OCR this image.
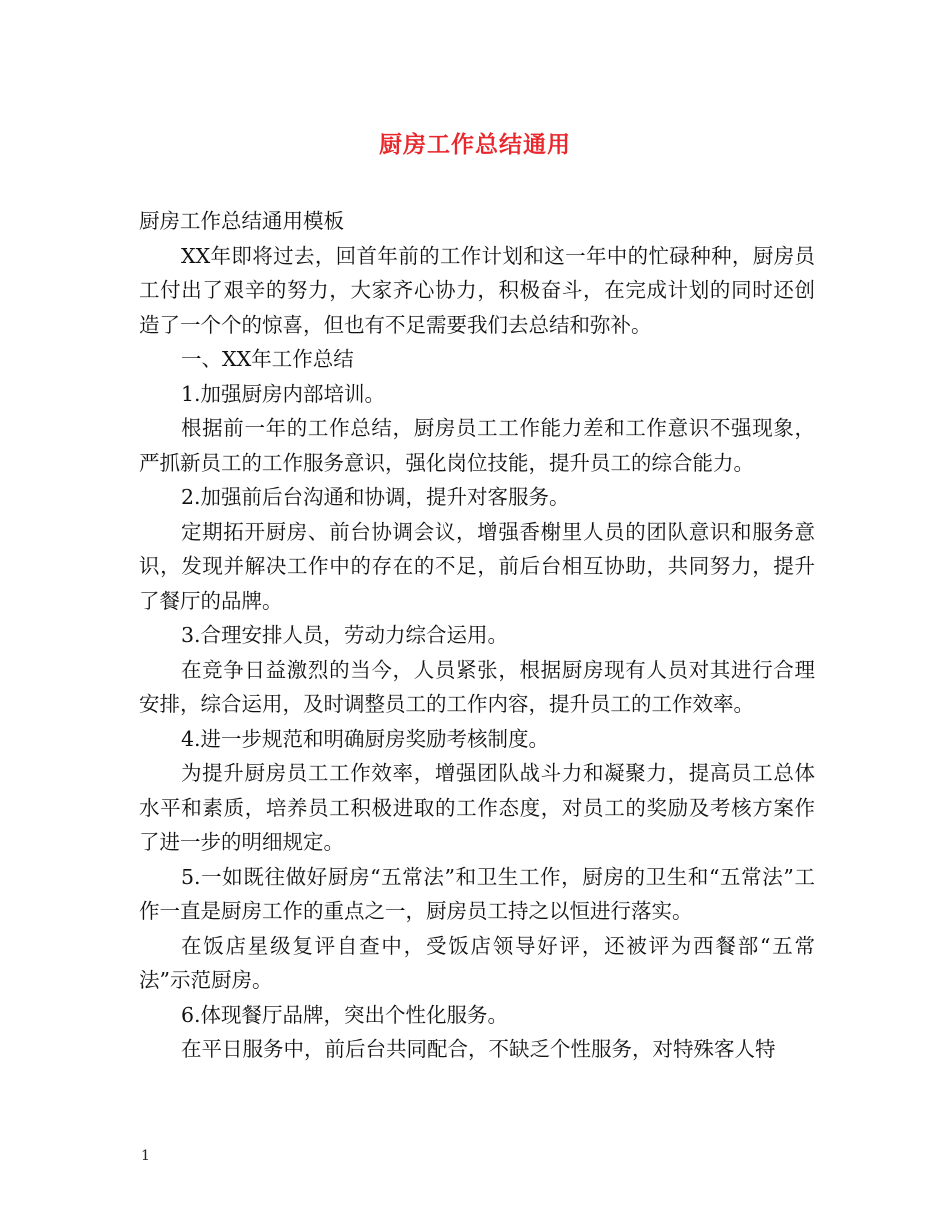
厨房工作总结通用

厨房工作总结通用模板

XX年即将过去，回首年前的工作计划和这一年中的忙碌种种，厨房员工付出了艰辛的努力，大家齐心协力，积极奋斗，在完成计划的同时还创造了一个个的惊喜，但也有不足需要我们去总结和弥补。

一、XX年工作总结

1.加强厨房内部培训。

根据前一年的工作总结，厨房员工工作能力差和工作意识不强现象，严抓新员工的工作服务意识，强化岗位技能，提升员工的综合能力。

2.加强前后台沟通和协调，提升对客服务。

定期拓开厨房、前台协调会议，增强香榭里人员的团队意识和服务意识，发现并解决工作中的存在的不足，前后台相互协助，共同努力，提升了餐厅的品牌。

3.合理安排人员，劳动力综合运用。

在竞争日益激烈的当今，人员紧张，根据厨房现有人员对其进行合理安排，综合运用，及时调整员工的工作内容，提升员工的工作效率。

4.进一步规范和明确厨房奖励考核制度。

为提升厨房员工工作效率，增强团队战斗力和凝聚力，提高员工总体水平和素质，培养员工积极进取的工作态度，对员工的奖励及考核方案作了进一步的明细规定。

5.一如既往做好厨房“五常法”和卫生工作，厨房的卫生和“五常法”工作一直是厨房工作的重点之一，厨房员工持之以恒进行落实。

在饭店星级复评自查中，受饭店领导好评，还被评为西餐部“五常法”示范厨房。

6.体现餐厅品牌，突出个性化服务。

在平日服务中，前后台共同配合，不缺乏个性服务，对特殊客人特

1
